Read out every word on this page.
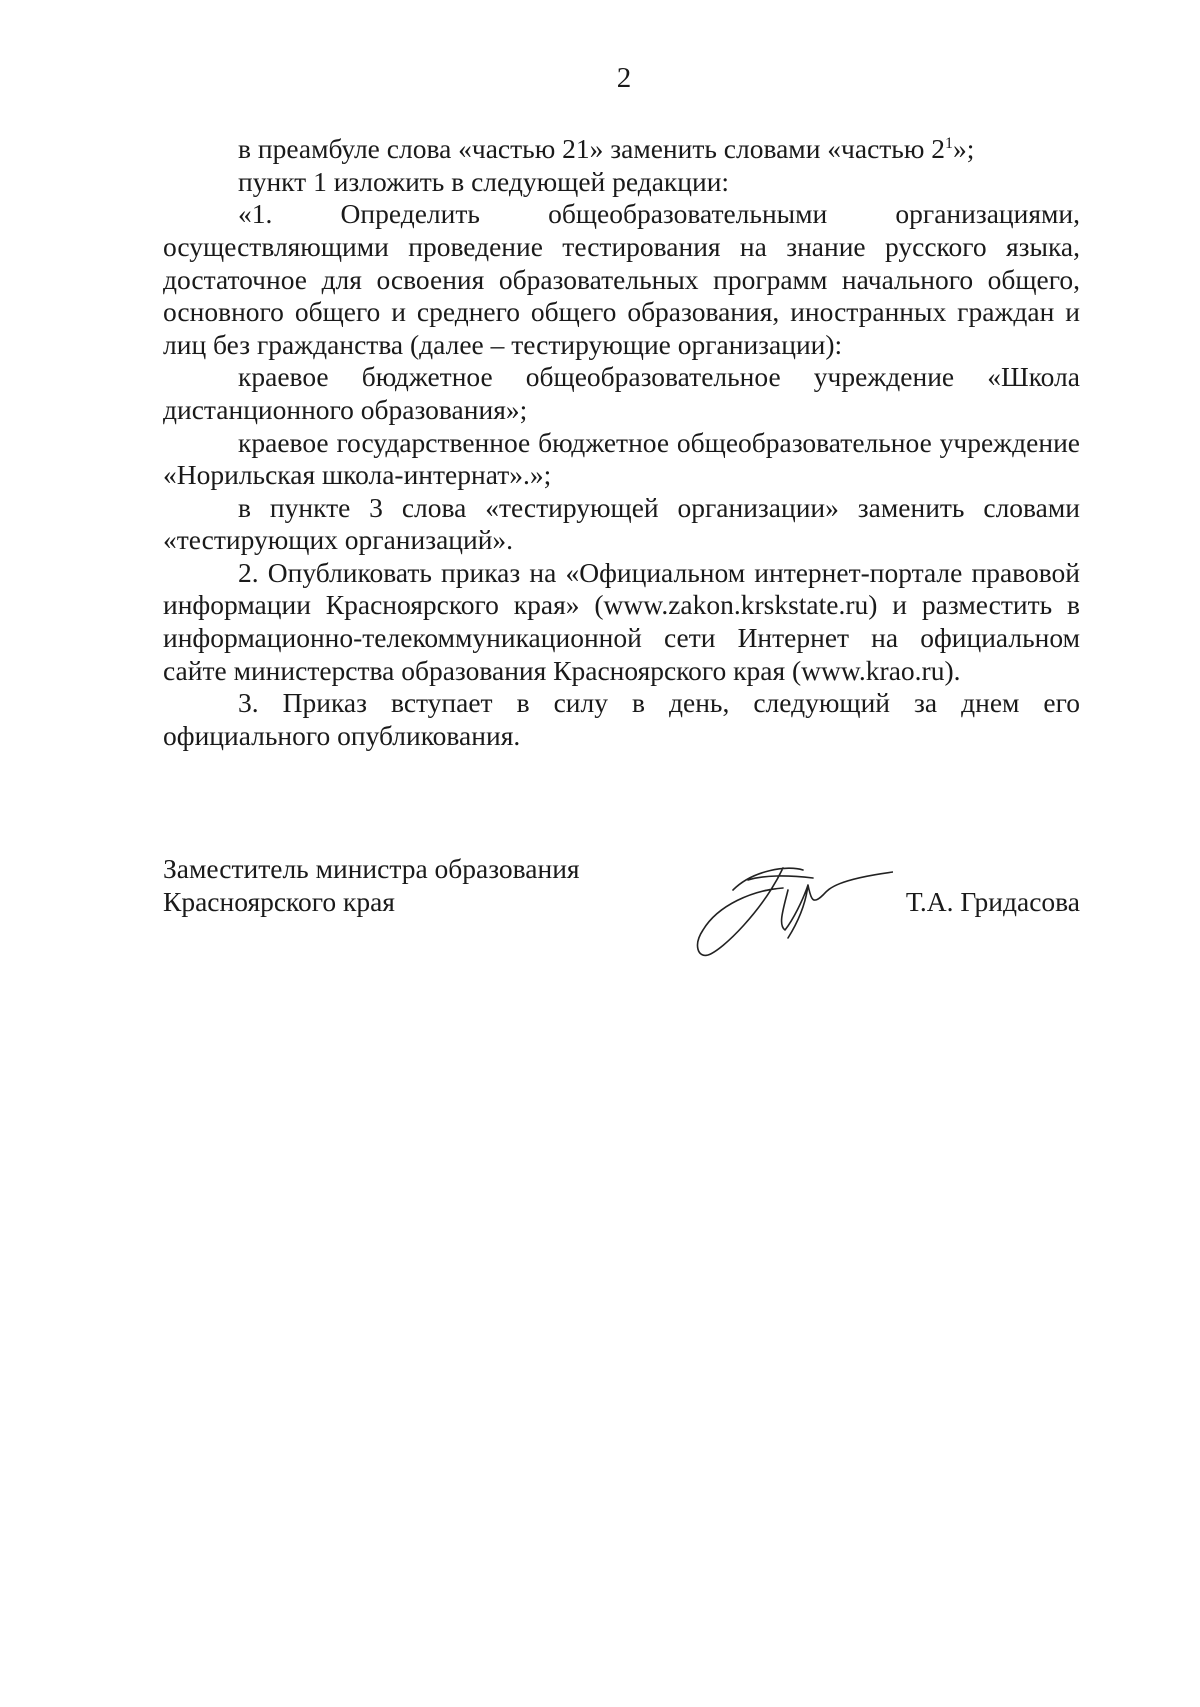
2

в преамбуле слова «частью 21» заменить словами «частью $2^1$»;

пункт 1 изложить в следующей редакции:

«1. Определить общеобразовательными организациями, осуществляющими проведение тестирования на знание русского языка, достаточное для освоения образовательных программ начального общего, основного общего и среднего общего образования, иностранных граждан и лиц без гражданства (далее – тестирующие организации):

краевое бюджетное общеобразовательное учреждение «Школа дистанционного образования»;

краевое государственное бюджетное общеобразовательное учреждение «Норильская школа-интернат».»;

в пункте 3 слова «тестирующей организации» заменить словами «тестирующих организаций».

2. Опубликовать приказ на «Официальном интернет-портале правовой информации Красноярского края» (www.zakon.krskstate.ru) и разместить в информационно-телекоммуникационной сети Интернет на официальном сайте министерства образования Красноярского края (www.krao.ru).

3. Приказ вступает в силу в день, следующий за днем его официального опубликования.

Заместитель министра образования
Красноярского края	Т.А. Гридасова
